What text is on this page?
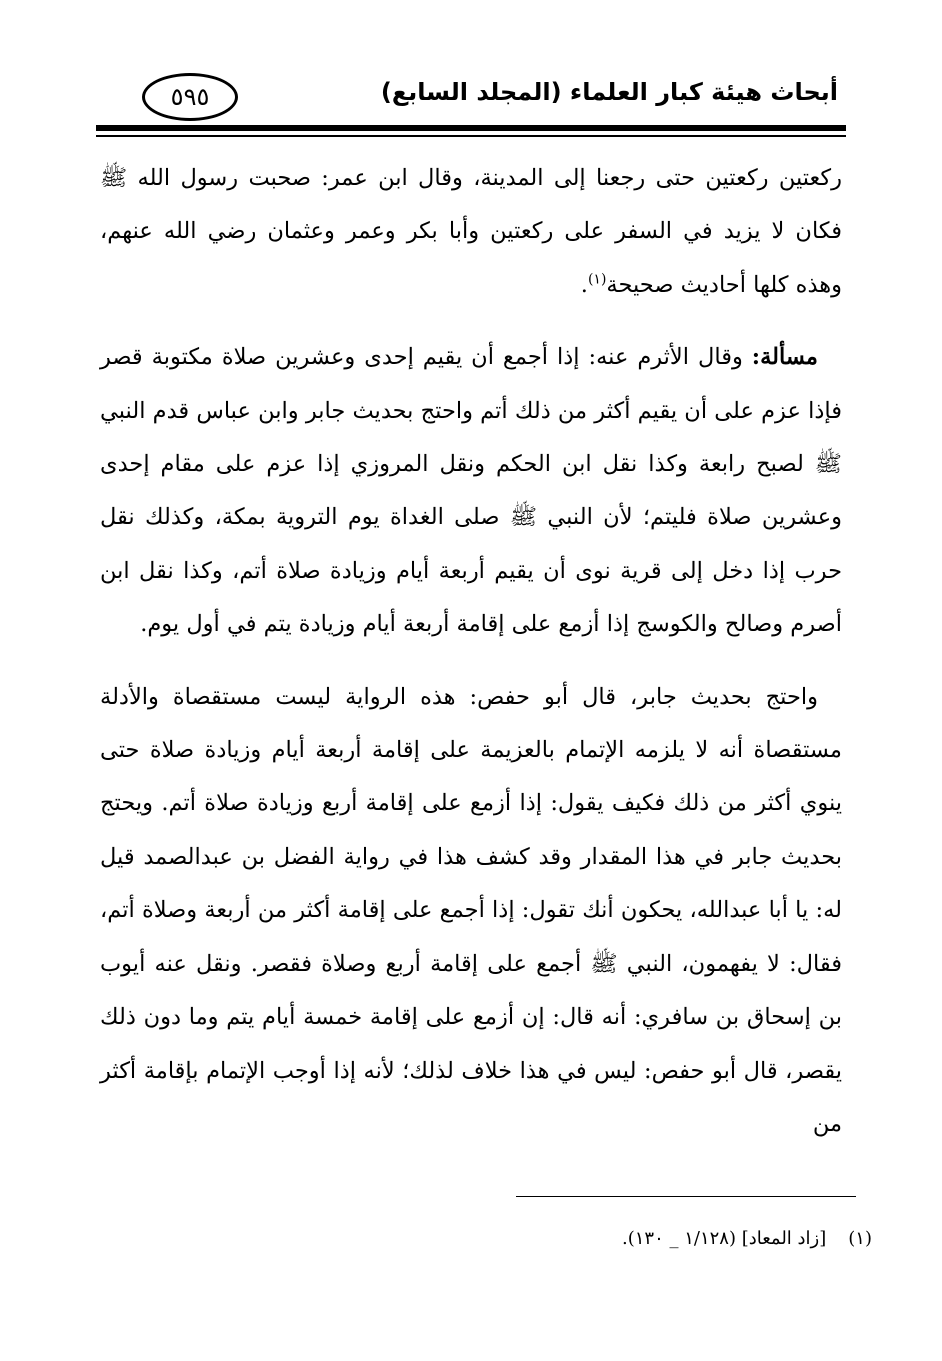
أبحاث هيئة كبار العلماء (المجلد السابع)
٥٩٥

ركعتين ركعتين حتى رجعنا إلى المدينة، وقال ابن عمر: صحبت رسول الله ﷺ فكان لا يزيد في السفر على ركعتين وأبا بكر وعمر وعثمان رضي الله عنهم، وهذه كلها أحاديث صحيحة$^{(١)}$.

مسألة: وقال الأثرم عنه: إذا أجمع أن يقيم إحدى وعشرين صلاة مكتوبة قصر فإذا عزم على أن يقيم أكثر من ذلك أتم واحتج بحديث جابر وابن عباس قدم النبي ﷺ لصبح رابعة وكذا نقل ابن الحكم ونقل المروزي إذا عزم على مقام إحدى وعشرين صلاة فليتم؛ لأن النبي ﷺ صلى الغداة يوم التروية بمكة، وكذلك نقل حرب إذا دخل إلى قرية نوى أن يقيم أربعة أيام وزيادة صلاة أتم، وكذا نقل ابن أصرم وصالح والكوسج إذا أزمع على إقامة أربعة أيام وزيادة يتم في أول يوم.

واحتج بحديث جابر، قال أبو حفص: هذه الرواية ليست مستقصاة والأدلة مستقصاة أنه لا يلزمه الإتمام بالعزيمة على إقامة أربعة أيام وزيادة صلاة حتى ينوي أكثر من ذلك فكيف يقول: إذا أزمع على إقامة أربع وزيادة صلاة أتم. ويحتج بحديث جابر في هذا المقدار وقد كشف هذا في رواية الفضل بن عبدالصمد قيل له: يا أبا عبدالله، يحكون أنك تقول: إذا أجمع على إقامة أكثر من أربعة وصلاة أتم، فقال: لا يفهمون، النبي ﷺ أجمع على إقامة أربع وصلاة فقصر. ونقل عنه أيوب بن إسحاق بن سافري: أنه قال: إن أزمع على إقامة خمسة أيام يتم وما دون ذلك يقصر، قال أبو حفص: ليس في هذا خلاف لذلك؛ لأنه إذا أوجب الإتمام بإقامة أكثر من

(١)[زاد المعاد] (١/١٢٨ _ ١٣٠).
